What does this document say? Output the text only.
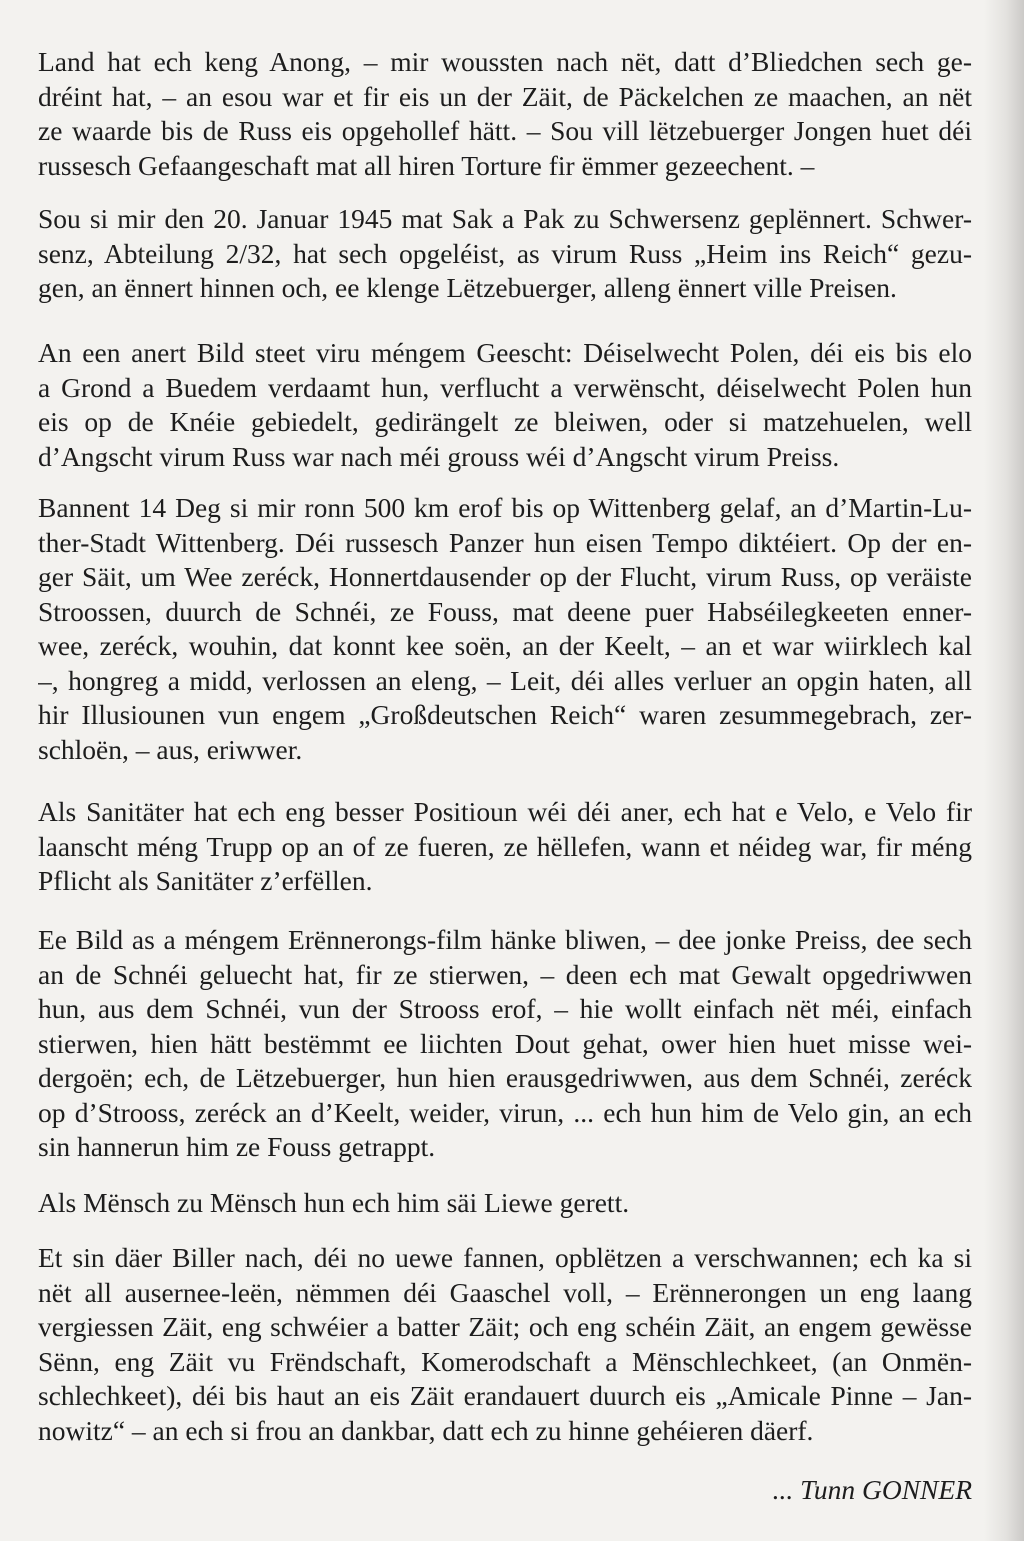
Land hat ech keng Anong, – mir woussten nach nët, datt d’Bliedchen sech ge-
dréint hat, – an esou war et fir eis un der Zäit, de Päckelchen ze maachen, an nët
ze waarde bis de Russ eis opgehollef hätt. – Sou vill lëtzebuerger Jongen huet déi
russesch Gefaangeschaft mat all hiren Torture fir ëmmer gezeechent. –
Sou si mir den 20. Januar 1945 mat Sak a Pak zu Schwersenz geplënnert. Schwer-
senz, Abteilung 2/32, hat sech opgeléist, as virum Russ „Heim ins Reich“ gezu-
gen, an ënnert hinnen och, ee klenge Lëtzebuerger, alleng ënnert ville Preisen.
An een anert Bild steet viru méngem Geescht: Déiselwecht Polen, déi eis bis elo
a Grond a Buedem verdaamt hun, verflucht a verwënscht, déiselwecht Polen hun
eis op de Knéie gebiedelt, gedirängelt ze bleiwen, oder si matzehuelen, well
d’Angscht virum Russ war nach méi grouss wéi d’Angscht virum Preiss.
Bannent 14 Deg si mir ronn 500 km erof bis op Wittenberg gelaf, an d’Martin-Lu-
ther-Stadt Wittenberg. Déi russesch Panzer hun eisen Tempo diktéiert. Op der en-
ger Säit, um Wee zeréck, Honnertdausender op der Flucht, virum Russ, op veräiste
Stroossen, duurch de Schnéi, ze Fouss, mat deene puer Habséilegkeeten enner-
wee, zeréck, wouhin, dat konnt kee soën, an der Keelt, – an et war wiirklech kal
–, hongreg a midd, verlossen an eleng, – Leit, déi alles verluer an opgin haten, all
hir Illusiounen vun engem „Großdeutschen Reich“ waren zesummegebrach, zer-
schloën, – aus, eriwwer.
Als Sanitäter hat ech eng besser Positioun wéi déi aner, ech hat e Velo, e Velo fir
laanscht méng Trupp op an of ze fueren, ze hëllefen, wann et néideg war, fir méng
Pflicht als Sanitäter z’erfëllen.
Ee Bild as a méngem Erënnerongs-film hänke bliwen, – dee jonke Preiss, dee sech
an de Schnéi geluecht hat, fir ze stierwen, – deen ech mat Gewalt opgedriwwen
hun, aus dem Schnéi, vun der Strooss erof, – hie wollt einfach nët méi, einfach
stierwen, hien hätt bestëmmt ee liichten Dout gehat, ower hien huet misse wei-
dergoën; ech, de Lëtzebuerger, hun hien erausgedriwwen, aus dem Schnéi, zeréck
op d’Strooss, zeréck an d’Keelt, weider, virun, ... ech hun him de Velo gin, an ech
sin hannerun him ze Fouss getrappt.
Als Mënsch zu Mënsch hun ech him säi Liewe gerett.
Et sin däer Biller nach, déi no uewe fannen, opblëtzen a verschwannen; ech ka si
nët all ausernee-leën, nëmmen déi Gaaschel voll, – Erënnerongen un eng laang
vergiessen Zäit, eng schwéier a batter Zäit; och eng schéin Zäit, an engem gewësse
Sënn, eng Zäit vu Frëndschaft, Komerodschaft a Mënschlechkeet, (an Onmën-
schlechkeet), déi bis haut an eis Zäit erandauert duurch eis „Amicale Pinne – Jan-
nowitz“ – an ech si frou an dankbar, datt ech zu hinne gehéieren däerf.
... Tunn GONNER
